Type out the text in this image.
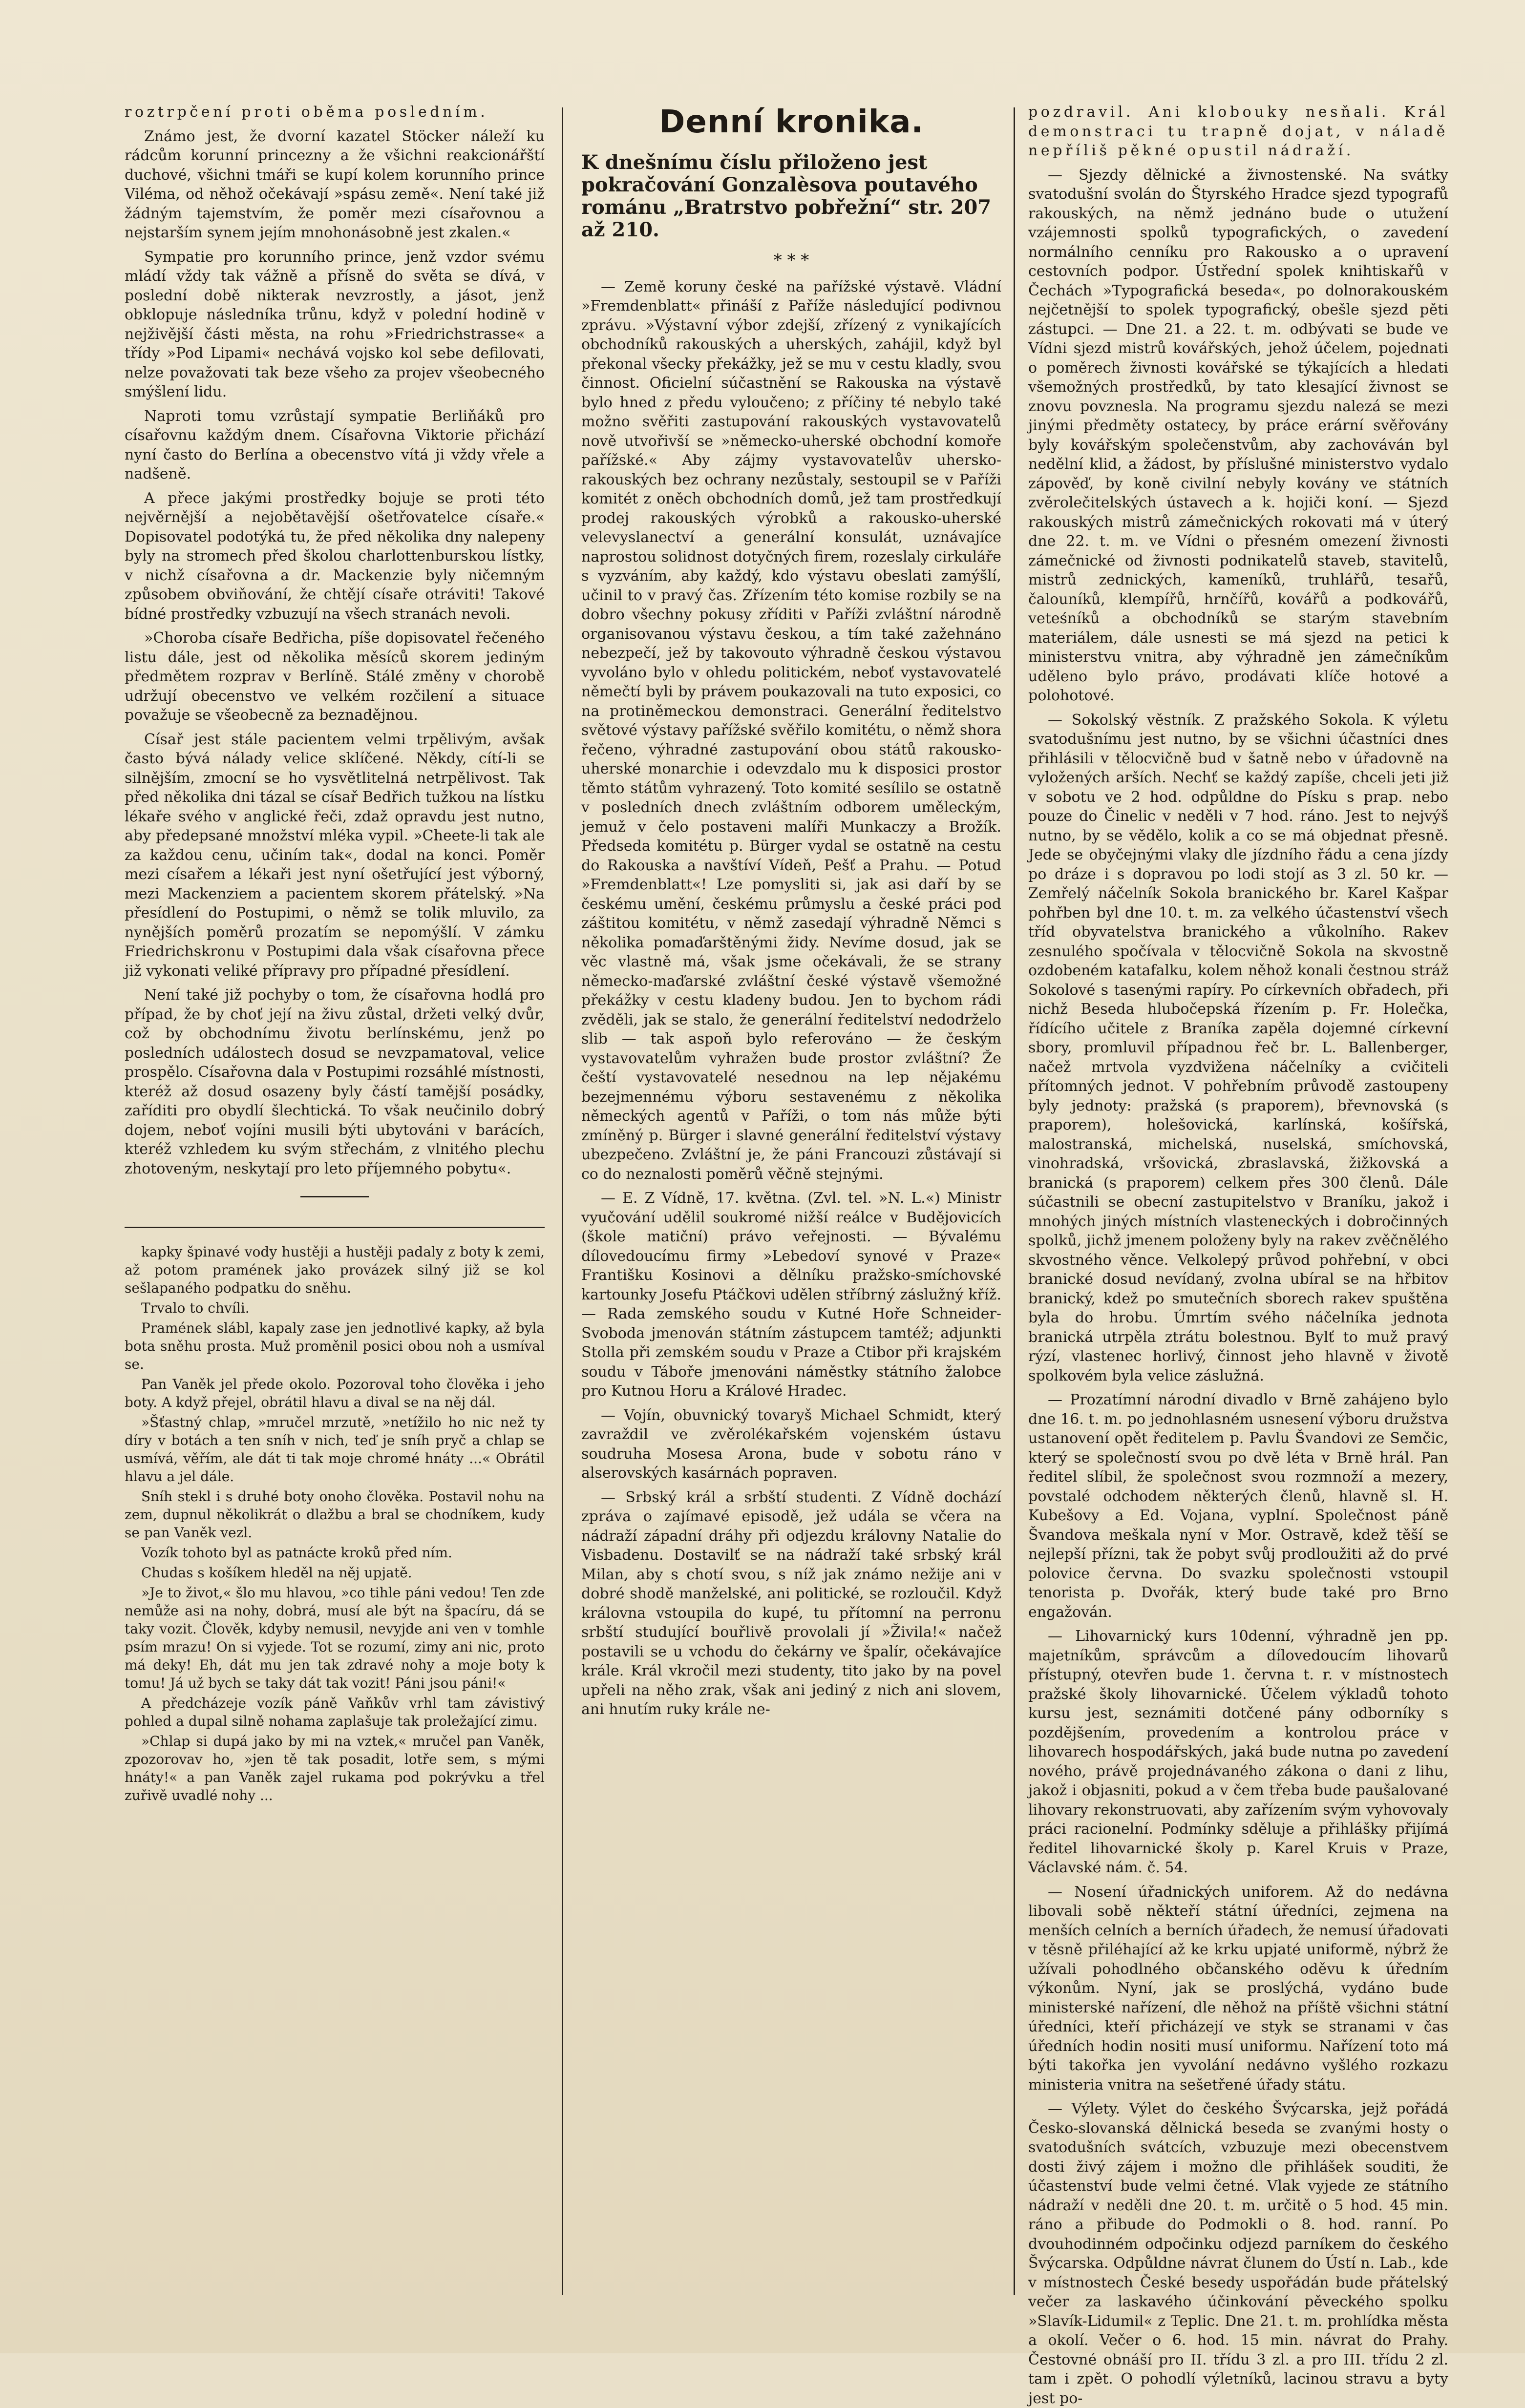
roztrpčení proti oběma posledním.

Známo jest, že dvorní kazatel Stöcker náleží ku rádcům korunní princezny a že všichni reakcionářští duchové, všichni tmáři se kupí kolem korunního prince Viléma, od něhož očekávají »spásu země«. Není také již žádným tajemstvím, že poměr mezi císařovnou a nejstarším synem jejím mnohonásobně jest zkalen.«

Sympatie pro korunního prince, jenž vzdor svému mládí vždy tak vážně a přísně do světa se dívá, v poslední době nikterak nevzrostly, a jásot, jenž obklopuje následníka trůnu, když v polední hodině v nejživější části města, na rohu »Friedrichstrasse« a třídy »Pod Lipami« nechává vojsko kol sebe defilovati, nelze považovati tak beze všeho za projev všeobecného smýšlení lidu.

Naproti tomu vzrůstají sympatie Berliňáků pro císařovnu každým dnem. Císařovna Viktorie přichází nyní často do Berlína a obecenstvo vítá ji vždy vřele a nadšeně.

A přece jakými prostředky bojuje se proti této nejvěrnější a nejobětavější ošetřovatelce císaře.« Dopisovatel podotýká tu, že před několika dny nalepeny byly na stromech před školou charlottenburskou lístky, v nichž císařovna a dr. Mackenzie byly ničemným způsobem obviňování, že chtějí císaře otráviti! Takové bídné prostředky vzbuzují na všech stranách nevoli.

»Choroba císaře Bedřicha, píše dopisovatel řečeného listu dále, jest od několika měsíců skorem jediným předmětem rozprav v Berlíně. Stálé změny v chorobě udržují obecenstvo ve velkém rozčilení a situace považuje se všeobecně za beznadějnou.

Císař jest stále pacientem velmi trpělivým, avšak často bývá nálady velice sklíčené. Někdy, cítí-li se silnějším, zmocní se ho vysvětlitelná netrpělivost. Tak před několika dni tázal se císař Bedřich tužkou na lístku lékaře svého v anglické řeči, zdaž opravdu jest nutno, aby předepsané množství mléka vypil. »Cheete-li tak ale za každou cenu, učiním tak«, dodal na konci. Poměr mezi císařem a lékaři jest nyní ošetřující jest výborný, mezi Mackenziem a pacientem skorem přátelský. »Na přesídlení do Postupimi, o němž se tolik mluvilo, za nynějších poměrů prozatím se nepomýšlí. V zámku Friedrichskronu v Postupimi dala však císařovna přece již vykonati veliké přípravy pro případné přesídlení.

Není také již pochyby o tom, že císařovna hodlá pro případ, že by choť její na živu zůstal, držeti velký dvůr, což by obchodnímu životu berlínskému, jenž po posledních událostech dosud se nevzpamatoval, velice prospělo. Císařovna dala v Postupimi rozsáhlé místnosti, kteréž až dosud osazeny byly částí tamější posádky, zaříditi pro obydlí šlechtická. To však neučinilo dobrý dojem, neboť vojíni musili býti ubytováni v barácích, kteréž vzhledem ku svým střechám, z vlnitého plechu zhotoveným, neskytají pro leto příjemného pobytu«.

kapky špinavé vody hustěji a hustěji padaly z boty k zemi, až potom pramének jako provázek silný již se kol sešlapaného podpatku do sněhu.

Trvalo to chvíli.

Pramének slábl, kapaly zase jen jednotlivé kapky, až byla bota sněhu prosta. Muž proměnil posici obou noh a usmíval se.

Pan Vaněk jel přede okolo. Pozoroval toho člověka i jeho boty. A když přejel, obrátil hlavu a dival se na něj dál.

»Šťastný chlap, »mručel mrzutě, »netížilo ho nic než ty díry v botách a ten sníh v nich, teď je sníh pryč a chlap se usmívá, věřím, ale dát ti tak moje chromé hnáty ...« Obrátil hlavu a jel dále.

Sníh stekl i s druhé boty onoho člověka. Postavil nohu na zem, dupnul několikrát o dlažbu a bral se chodníkem, kudy se pan Vaněk vezl.

Vozík tohoto byl as patnácte kroků před ním.

Chudas s košíkem hleděl na něj upjatě.

»Je to život,« šlo mu hlavou, »co tihle páni vedou! Ten zde nemůže asi na nohy, dobrá, musí ale být na špacíru, dá se taky vozit. Člověk, kdyby nemusil, nevyjde ani ven v tomhle psím mrazu! On si vyjede. Tot se rozumí, zimy ani nic, proto má deky! Eh, dát mu jen tak zdravé nohy a moje boty k tomu! Já už bych se taky dát tak vozit! Páni jsou páni!«

A předcházeje vozík páně Vaňkův vrhl tam závistivý pohled a dupal silně nohama zaplašuje tak proležající zimu.

»Chlap si dupá jako by mi na vztek,« mručel pan Vaněk, zpozorovav ho, »jen tě tak posadit, lotře sem, s mými hnáty!« a pan Vaněk zajel rukama pod pokrývku a třel zuřivě uvadlé nohy ...

Denní kronika.

K dnešnímu číslu přiloženo jest pokračování Gonzalèsova poutavého románu „Bratrstvo pobřežní“ str. 207 až 210.

* * *

— Země koruny české na pařížské výstavě. Vládní »Fremdenblatt« přináší z Paříže následující podivnou zprávu. »Výstavní výbor zdejší, zřízený z vynikajících obchodníků rakouských a uherských, zahájil, když byl překonal všecky překážky, jež se mu v cestu kladly, svou činnost. Oficielní súčastnění se Rakouska na výstavě bylo hned z předu vyloučeno; z příčiny té nebylo také možno svěřiti zastupování rakouských vystavovatelů nově utvořivší se »německo-uherské obchodní komoře pařížské.« Aby zájmy vystavovatelův uhersko-rakouských bez ochrany nezůstaly, sestoupil se v Paříži komitét z oněch obchodních domů, jež tam prostředkují prodej rakouských výrobků a rakousko-uherské velevyslanectví a generální konsulát, uznávajíce naprostou solidnost dotyčných firem, rozeslaly cirkuláře s vyzváním, aby každý, kdo výstavu obeslati zamýšlí, učinil to v pravý čas. Zřízením této komise rozbily se na dobro všechny pokusy zříditi v Paříži zvláštní národně organisovanou výstavu českou, a tím také zažehnáno nebezpečí, jež by takovouto výhradně českou výstavou vyvoláno bylo v ohledu politickém, neboť vystavovatelé němečtí byli by právem poukazovali na tuto exposici, co na protiněmeckou demonstraci. Generální ředitelstvo světové výstavy pařížské svěřilo komitétu, o němž shora řečeno, výhradné zastupování obou států rakousko-uherské monarchie i odevzdalo mu k disposici prostor těmto státům vyhrazený. Toto komité sesílilo se ostatně v posledních dnech zvláštním odborem uměleckým, jemuž v čelo postaveni malíři Munkaczy a Brožík. Předseda komitétu p. Bürger vydal se ostatně na cestu do Rakouska a navštíví Vídeň, Pešť a Prahu. — Potud »Fremdenblatt«! Lze pomysliti si, jak asi daří by se českému umění, českému průmyslu a české práci pod záštitou komitétu, v němž zasedají výhradně Němci s několika pomaďarštěnými židy. Nevíme dosud, jak se věc vlastně má, však jsme očekávali, že se strany německo-maďarské zvláštní české výstavě všemožné překážky v cestu kladeny budou. Jen to bychom rádi zvěděli, jak se stalo, že generální ředitelství nedodrželo slib — tak aspoň bylo referováno — že českým vystavovatelům vyhražen bude prostor zvláštní? Že čeští vystavovatelé nesednou na lep nějakému bezejmennému výboru sestavenému z několika německých agentů v Paříži, o tom nás může býti zmíněný p. Bürger i slavné generální ředitelství výstavy ubezpečeno. Zvláštní je, že páni Francouzi zůstávají si co do neznalosti poměrů věčně stejnými.

— E. Z Vídně, 17. května. (Zvl. tel. »N. L.«) Ministr vyučování udělil soukromé nižší reálce v Budějovicích (škole matiční) právo veřejnosti. — Bývalému dílovedoucímu firmy »Lebedoví synové v Praze« Františku Kosinovi a dělníku pražsko-smíchovské kartounky Josefu Ptáčkovi udělen stříbrný záslužný kříž. — Rada zemského soudu v Kutné Hoře Schneider-Svoboda jmenován státním zástupcem tamtéž; adjunkti Stolla při zemském soudu v Praze a Ctibor při krajském soudu v Táboře jmenováni náměstky státního žalobce pro Kutnou Horu a Králové Hradec.

— Vojín, obuvnický tovaryš Michael Schmidt, který zavraždil ve zvěrolékařském vojenském ústavu soudruha Mosesa Arona, bude v sobotu ráno v alserovských kasárnách popraven.

— Srbský král a srbští studenti. Z Vídně dochází zpráva o zajímavé episodě, jež udála se včera na nádraží západní dráhy při odjezdu královny Natalie do Visbadenu. Dostavilť se na nádraží také srbský král Milan, aby s chotí svou, s níž jak známo nežije ani v dobré shodě manželské, ani politické, se rozloučil. Když královna vstoupila do kupé, tu přítomní na perronu srbští studující bouřlivě provolali jí »Živila!« načež postavili se u vchodu do čekárny ve špalír, očekávajíce krále. Král vkročil mezi studenty, tito jako by na povel upřeli na něho zrak, však ani jediný z nich ani slovem, ani hnutím ruky krále ne-

pozdravil. Ani klobouky nesňali. Král demonstraci tu trapně dojat, v náladě nepříliš pěkné opustil nádraží.

— Sjezdy dělnické a živnostenské. Na svátky svatodušní svolán do Štyrského Hradce sjezd typografů rakouských, na němž jednáno bude o utužení vzájemnosti spolků typografických, o zavedení normálního cenníku pro Rakousko a o upravení cestovních podpor. Ústřední spolek knihtiskařů v Čechách »Typografická beseda«, po dolnorakouském nejčetnější to spolek typografický, obešle sjezd pěti zástupci. — Dne 21. a 22. t. m. odbývati se bude ve Vídni sjezd mistrů kovářských, jehož účelem, pojednati o poměrech živnosti kovářské se týkajících a hledati všemožných prostředků, by tato klesající živnost se znovu povznesla. Na programu sjezdu nalezá se mezi jinými předměty ostatecy, by práce erární svěřovány byly kovářským společenstvům, aby zachováván byl nedělní klid, a žádost, by příslušné ministerstvo vydalo zápověď, by koně civilní nebyly kovány ve státních zvěrolečitelských ústavech a k. hojiči koní. — Sjezd rakouských mistrů zámečnických rokovati má v úterý dne 22. t. m. ve Vídni o přesném omezení živnosti zámečnické od živnosti podnikatelů staveb, stavitelů, mistrů zednických, kameníků, truhlářů, tesařů, čalouníků, klempířů, hrnčířů, kovářů a podkovářů, veteśníků a obchodníků se starým stavebním materiálem, dále usnesti se má sjezd na petici k ministerstvu vnitra, aby výhradně jen zámečníkům udělenо bylo právo, prodávati klíče hotové a polohotové.

— Sokolský věstník. Z pražského Sokola. K výletu svatodušnímu jest nutno, by se všichni účastníci dnes přihlásili v tělocvičně bud v šatně nebo v úřadovně na vyložených arších. Nechť se každý zapíše, chceli jeti již v sobotu ve 2 hod. odpůldne do Písku s prap. nebo pouze do Činelic v neděli v 7 hod. ráno. Jest to nejvýš nutno, by se vědělo, kolik a co se má objednat přesně. Jede se obyčejnými vlaky dle jízdního řádu a cena jízdy po dráze i s dopravou po lodi stojí as 3 zl. 50 kr. — Zemřelý náčelník Sokola branického br. Karel Kašpar pohřben byl dne 10. t. m. za velkého účastenství všech tříd obyvatelstva branického a vůkolního. Rakev zesnulého spočívala v tělocvičně Sokola na skvostně ozdobeném katafalku, kolem něhož konali čestnou stráž Sokolové s tasenými rapíry. Po církevních obřadech, při nichž Beseda hlubočepská řízením p. Fr. Holečka, řídícího učitele z Braníka zapěla dojemné církevní sbory, promluvil případnou řeč br. L. Ballenberger, načež mrtvola vyzdvižena náčelníky a cvičiteli přítomných jednot. V pohřebním průvodě zastoupeny byly jednoty: pražská (s praporem), břevnovská (s praporem), holešovická, karlínská, košířská, malostranská, michelská, nuselská, smíchovská, vinohradská, vršovická, zbraslavská, žižkovská a branická (s praporem) celkem přes 300 členů. Dále súčastnili se obecní zastupitelstvo v Braníku, jakož i mnohých jiných místních vlasteneckých i dobročinných spolků, jichž jmenem položeny byly na rakev zvěčnělého skvostného věnce. Velkolepý průvod pohřební, v obci branické dosud nevídaný, zvolna ubíral se na hřbitov branický, kdež po smutečních sborech rakev spuštěna byla do hrobu. Úmrtím svého náčelníka jednota branická utrpěla ztrátu bolestnou. Bylť to muž pravý rýzí, vlastenec horlivý, činnost jeho hlavně v životě spolkovém byla velice záslužná.

— Prozatímní národní divadlo v Brně zahájeno bylo dne 16. t. m. po jednohlasném usnesení výboru družstva ustanovení opět ředitelem p. Pavlu Švandovi ze Semčic, který se společností svou po dvě léta v Brně hrál. Pan ředitel slíbil, že společnost svou rozmnoží a mezery, povstalé odchodem některých členů, hlavně sl. H. Kubešovy a Ed. Vojana, vyplní. Společnost páně Švandova meškala nyní v Mor. Ostravě, kdež těší se nejlepší přízni, tak že pobyt svůj prodloužiti až do prvé polovice června. Do svazku společnosti vstoupil tenorista p. Dvořák, který bude také pro Brno engažován.

— Lihovarnický kurs 10denní, výhradně jen pp. majetníkům, správcům a dílovedoucím lihovarů přístupný, otevřen bude 1. června t. r. v místnostech pražské školy lihovarnické. Účelem výkladů tohoto kursu jest, seznámiti dotčené pány odborníky s pozdějšením, provedením a kontrolou práce v lihovarech hospodářských, jaká bude nutna po zavedení nového, právě projednávaného zákona o dani z lihu, jakož i objasniti, pokud a v čem třeba bude paušalované lihovary rekonstruovati, aby zařízením svým vyhovovaly práci racionelní. Podmínky sděluje a přihlášky přijímá ředitel lihovarnické školy p. Karel Kruis v Praze, Václavské nám. č. 54.

— Nosení úřadnických uniforem. Až do nedávna libovali sobě někteří státní úředníci, zejmena na menších celních a berních úřadech, že nemusí úřadovati v těsně přiléhající až ke krku upjaté uniformě, nýbrž že užívali pohodlného občanského oděvu k úředním výkonům. Nyní, jak se proslýchá, vydáno bude ministerské nařízení, dle něhož na příště všichni státní úředníci, kteří přicházejí ve styk se stranami v čas úředních hodin nositi musí uniformu. Nařízení toto má býti takořka jen vyvolání nedávno vyšlého rozkazu ministeria vnitra na sešetřené úřady státu.

— Výlety. Výlet do českého Švýcarska, jejž pořádá Česko-slovanská dělnická beseda se zvanými hosty o svatodušních svátcích, vzbuzuje mezi obecenstvem dosti živý zájem i možno dle přihlášek souditi, že účastenství bude velmi četné. Vlak vyjede ze státního nádraží v neděli dne 20. t. m. určitě o 5 hod. 45 min. ráno a přibude do Podmokli o 8. hod. ranní. Po dvouhodinném odpočinku odjezd parníkem do českého Švýcarska. Odpůldne návrat člunem do Ústí n. Lab., kde v místnostech České besedy uspořádán bude přátelský večer za laskavého účinkování pěveckého spolku »Slavík-Lidumil« z Teplic. Dne 21. t. m. prohlídka města a okolí. Večer o 6. hod. 15 min. návrat do Prahy. Čestovné obnáší pro II. třídu 3 zl. a pro III. třídu 2 zl. tam i zpět. O pohodlí výletníků, lacinou stravu a byty jest po-
